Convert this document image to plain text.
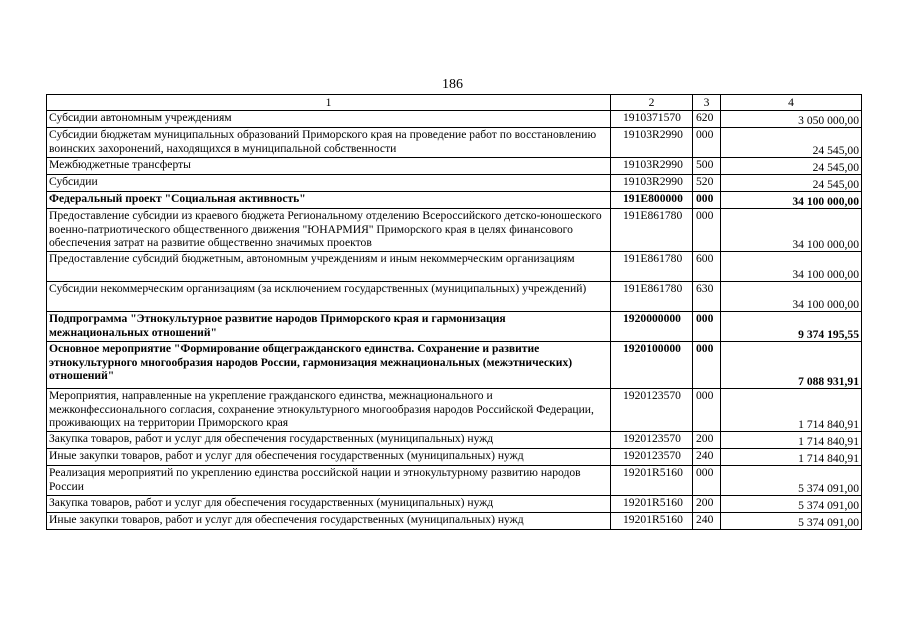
186
1	2	3	4
Субсидии автономным учреждениям	1910371570	620	3 050 000,00
Субсидии бюджетам муниципальных образований Приморского края на проведение работ по восстановлению воинских захоронений, находящихся в муниципальной собственности	19103R2990	000	24 545,00
Межбюджетные трансферты	19103R2990	500	24 545,00
Субсидии	19103R2990	520	24 545,00
Федеральный проект "Социальная активность"	191E800000	000	34 100 000,00
Предоставление субсидии из краевого бюджета Региональному отделению Всероссийского детско-юношеского военно-патриотического общественного движения "ЮНАРМИЯ" Приморского края в целях финансового обеспечения затрат на развитие общественно значимых проектов	191E861780	000	34 100 000,00
Предоставление субсидий бюджетным, автономным учреждениям и иным некоммерческим организациям	191E861780	600	34 100 000,00
Субсидии некоммерческим организациям (за исключением государственных (муниципальных) учреждений)	191E861780	630	34 100 000,00
Подпрограмма "Этнокультурное развитие народов Приморского края и гармонизация межнациональных отношений"	1920000000	000	9 374 195,55
Основное мероприятие "Формирование общегражданского единства. Сохранение и развитие этнокультурного многообразия народов России, гармонизация межнациональных (межэтнических) отношений"	1920100000	000	7 088 931,91
Мероприятия, направленные на укрепление гражданского единства, межнационального и межконфессионального согласия, сохранение этнокультурного многообразия народов Российской Федерации, проживающих на территории Приморского края	1920123570	000	1 714 840,91
Закупка товаров, работ и услуг для обеспечения государственных (муниципальных) нужд	1920123570	200	1 714 840,91
Иные закупки товаров, работ и услуг для обеспечения государственных (муниципальных) нужд	1920123570	240	1 714 840,91
Реализация мероприятий по укреплению единства российской нации и этнокультурному развитию народов России	19201R5160	000	5 374 091,00
Закупка товаров, работ и услуг для обеспечения государственных (муниципальных) нужд	19201R5160	200	5 374 091,00
Иные закупки товаров, работ и услуг для обеспечения государственных (муниципальных) нужд	19201R5160	240	5 374 091,00
